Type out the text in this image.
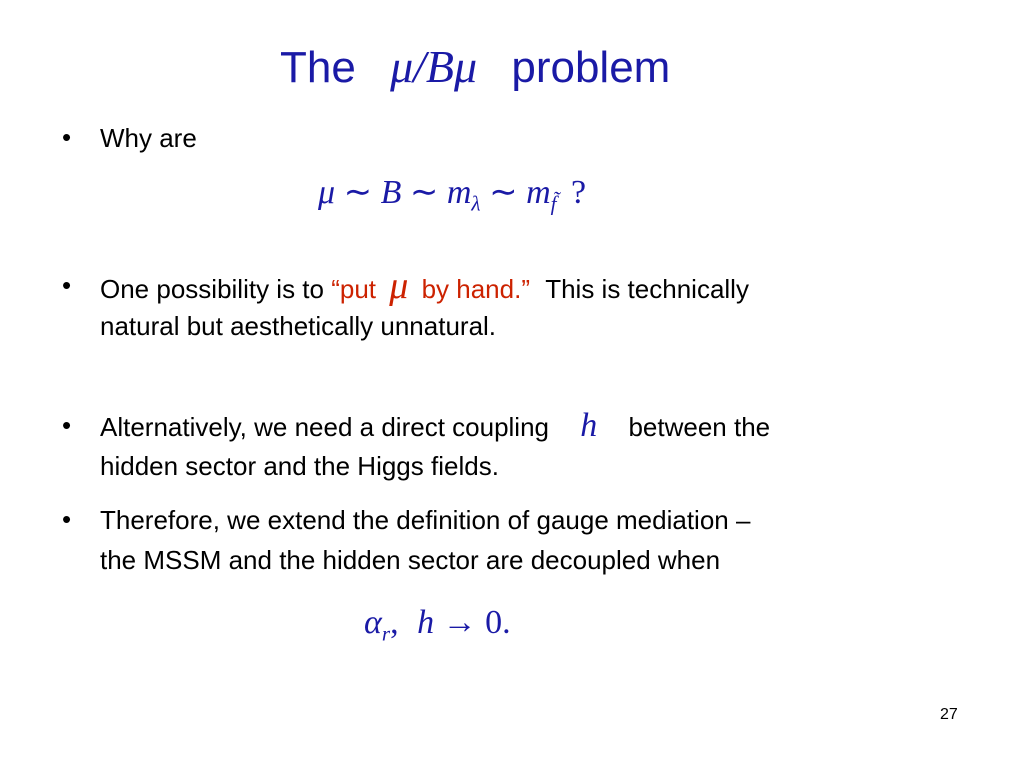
The μ/Bμ problem
• Why are
μ ∼ B ∼ $m_\lambda$ ∼ $m_{f̃}$ ?
• One possibility is to “put μ by hand.” This is technically
natural but aesthetically unnatural.
• Alternatively, we need a direct coupling h between the
hidden sector and the Higgs fields.
• Therefore, we extend the definition of gauge mediation –
the MSSM and the hidden sector are decoupled when
$\alpha_r$, h → 0.
27
